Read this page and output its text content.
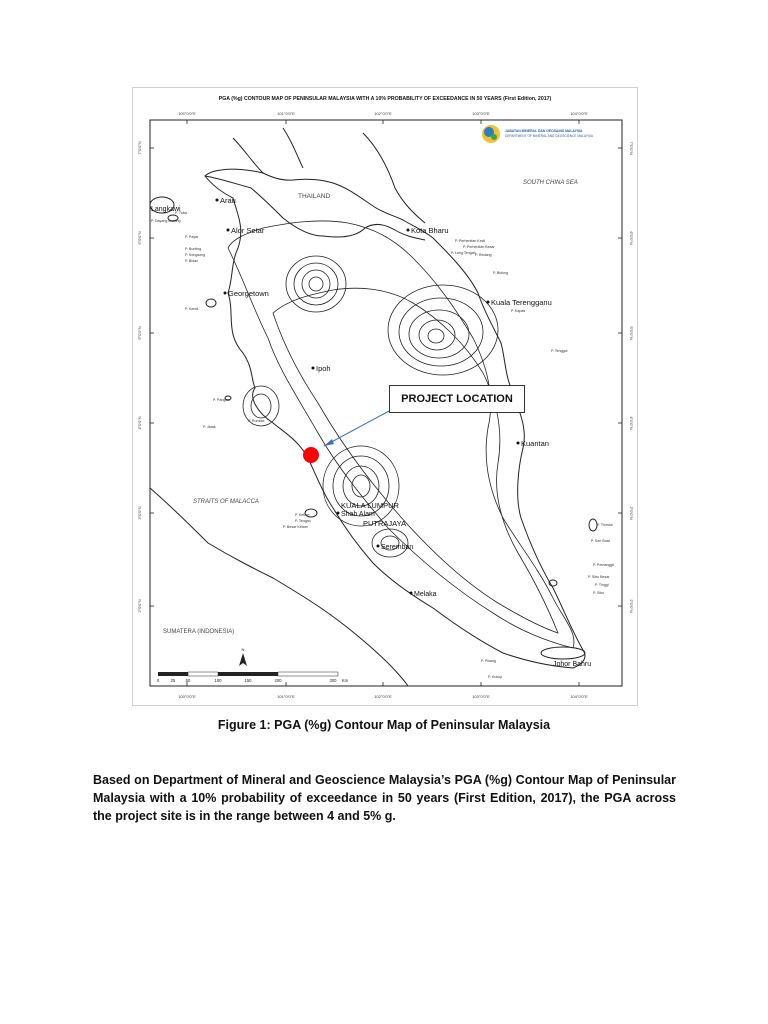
PGA (%g) CONTOUR MAP OF PENINSULAR MALAYSIA WITH A 10% PROBABILITY OF EXCEEDANCE IN 50 YEARS (First Edition, 2017)
100°0'0"E	101°0'0"E	102°0'0"E	103°0'0"E	104°0'0"E
100°0'0"E	101°0'0"E	102°0'0"E	103°0'0"E	104°0'0"E
7°0'0"N
6°0'0"N
5°0'0"N
4°0'0"N
3°0'0"N
2°0'0"N
7°0'0"N
6°0'0"N
5°0'0"N
4°0'0"N
3°0'0"N
2°0'0"N
JABATAN MINERAL DAN GEOSAINS MALAYSIA
DEPARTMENT OF MINERAL AND GEOSCIENCE MALAYSIA
THAILAND
SOUTH CHINA SEA
STRAITS OF MALACCA
SUMATERA (INDONESIA)
Arau
Langkawi
Alor Setar
Georgetown
Ipoh
Kota Bharu
Kuala Terengganu
Kuantan
KUALA LUMPUR
Shah Alam
PUTRAJAYA
Seremban
Melaka
Johor Bahru
P. Tuba
P. Dayang Bunting
P. Payar
P. Bunting
P. Songsong
P. Bidan
P. Kendi
P. Perhentian Kecil
P. Perhentian Besar
P. Lang Tengah P. Redang
P. Bidong
P. Kapas
P. Tenggol
P. Pangkor
P. Jarak
P. Rumbia
P. Ketam
P. Tengah
P. Besar Ketam	P. Tioman
P. Seri Buat
P. Pemanggil
P. Sibu Besar
P. Tinggi
P. Sibu
P. Pisang
P. Kukup
N
0	25 50	100	150	200	300 Km
PROJECT LOCATION
Figure 1: PGA (%g) Contour Map of Peninsular Malaysia
Based on Department of Mineral and Geoscience Malaysia’s PGA (%g) Contour Map of Peninsular Malaysia with a 10% probability of exceedance in 50 years (First Edition, 2017), the PGA across the project site is in the range between 4 and 5% g.
